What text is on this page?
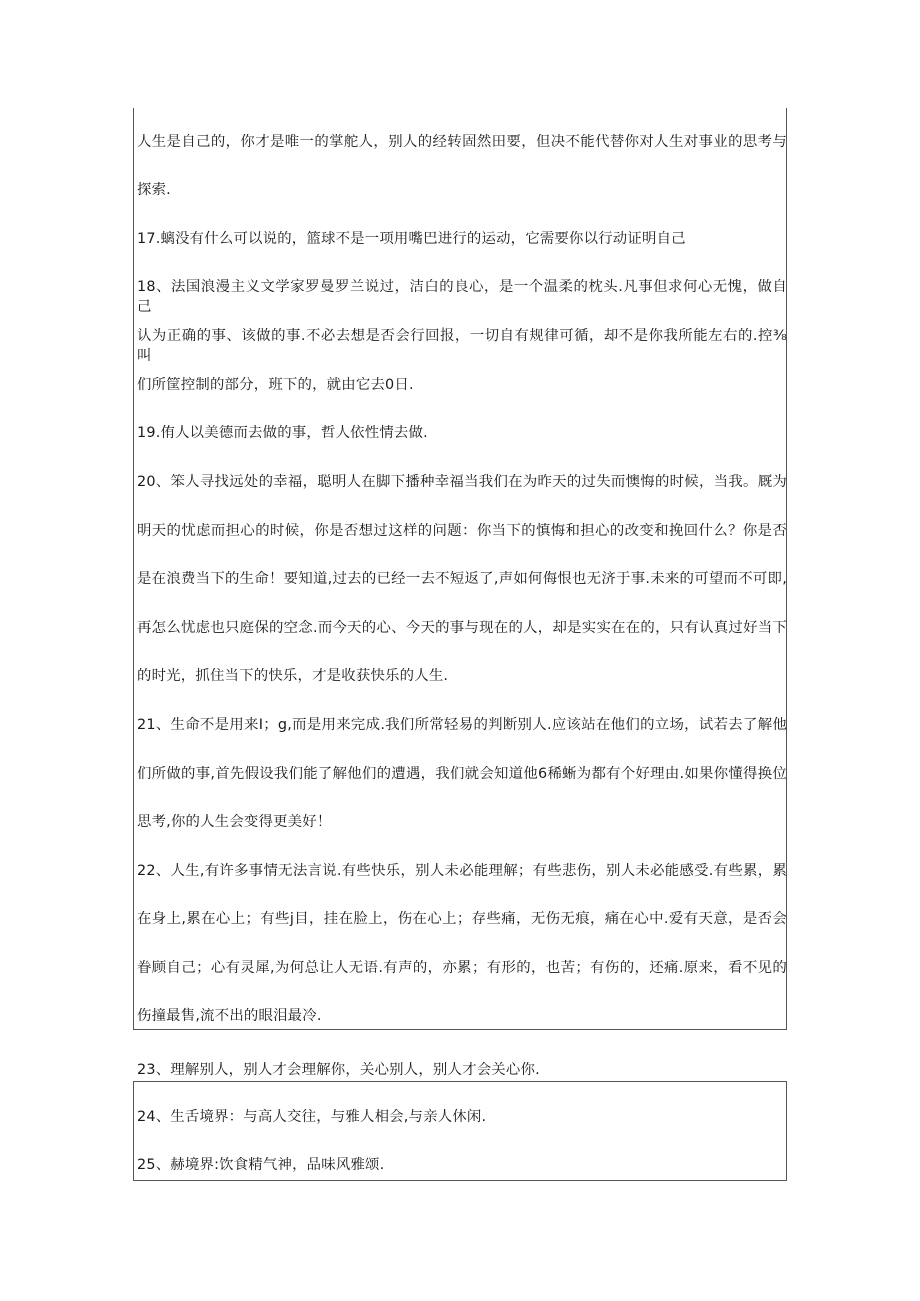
人生是自己的，你才是唯一的掌舵人，别人的经转固然田要，但决不能代替你对人生对事业的思考与
探索.
17.螭没有什么可以说的，篮球不是一项用嘴巴进行的运动，它需要你以行动证明自己
18、法国浪漫主义文学家罗曼罗兰说过，洁白的良心，是一个温柔的枕头.凡事但求何心无愧，做自己
认为正确的事、该做的事.不必去想是否会行回报，一切自有规律可循，却不是你我所能左右的.控⅜叫
们所筐控制的部分，班下的，就由它去0日.
19.侑人以美德而去做的事，哲人依性情去做.
20、笨人寻找远处的幸福，聪明人在脚下播种幸福当我们在为昨天的过失而懊悔的时候，当我。厩为
明天的忧虑而担心的时候，你是否想过这样的问题：你当下的慎悔和担心的改变和挽回什么？你是否
是在浪费当下的生命！要知道,过去的已经一去不短返了,声如何侮恨也无济于事.未来的可望而不可即,
再怎么忧虑也只庭保的空念.而今天的心、今天的事与现在的人，却是实实在在的，只有认真过好当下
的时光，抓住当下的快乐，才是收获快乐的人生.
21、生命不是用来Ⅰ；g,而是用来完成.我们所常轻易的判断别人.应该站在他们的立场，试若去了解他
们所做的事,首先假设我们能了解他们的遭遇，我们就会知道他6稀蜥为都有个好理由.如果你懂得换位
思考,你的人生会变得更美好！
22、人生,有许多事情无法言说.有些快乐，别人未必能理解；有些悲伤，别人未必能感受.有些累，累
在身上,累在心上；有些j目，挂在脸上，伤在心上；存些痛，无伤无痕，痛在心中.爱有天意，是否会
眷顾自己；心有灵犀,为何总让人无语.有声的，亦累；有形的，也苦；有伤的，还痛.原来，看不见的
伤撞最售,流不出的眼泪最冷.
23、理解别人，别人才会理解你，关心别人，别人才会关心你.
24、生舌境界：与高人交往，与雅人相会,与亲人休闲.
25、赫境界:饮食精气神，品味风雅颂.
